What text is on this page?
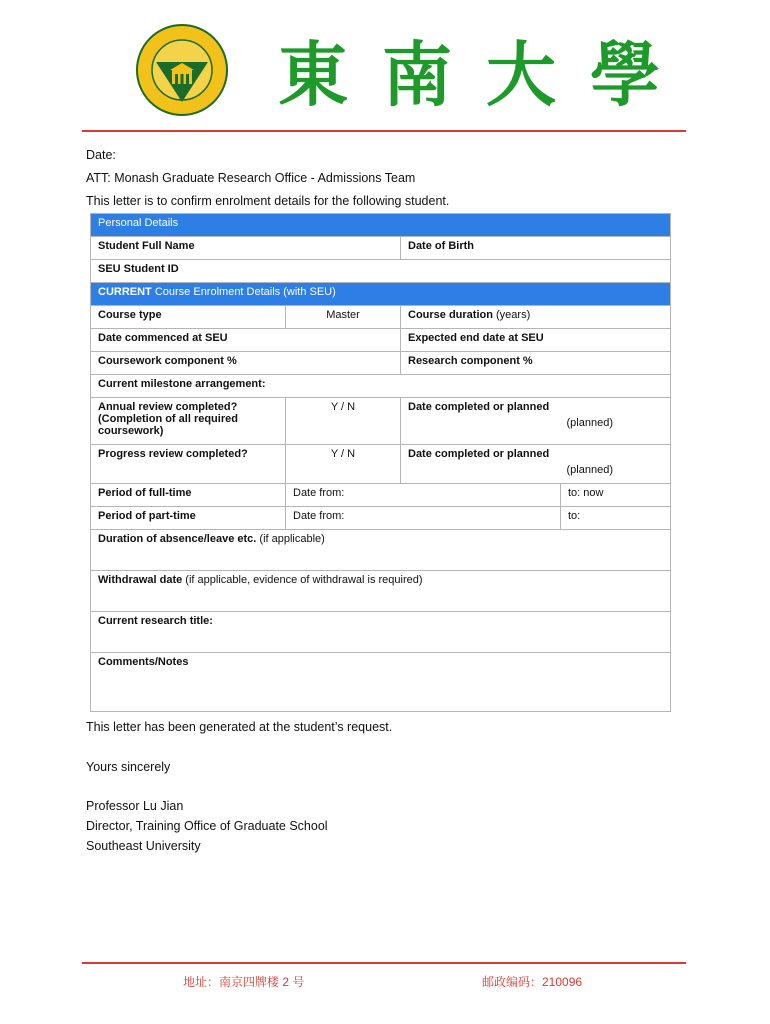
東南大學
Date:
ATT: Monash Graduate Research Office - Admissions Team
This letter is to confirm enrolment details for the following student.
Personal Details			
Student Full Name		Date of Birth	
SEU Student ID			
CURRENT Course Enrolment Details (with SEU)			
Course type	Master	Course duration (years)	
Date commenced at SEU		Expected end date at SEU	
Coursework component %		Research component %	
Current milestone arrangement:			
Annual review completed? (Completion of all required coursework)	Y / N	Date completed or planned
(planned)	

Progress review completed?	Y / N	Date completed or planned
(planned)	

Period of full-time	Date from:		to: now
Period of part-time	Date from:		to:
Duration of absence/leave etc. (if applicable)			
Withdrawal date (if applicable, evidence of withdrawal is required)			
Current research title:			
Comments/Notes			
This letter has been generated at the student’s request.
Yours sincerely
Professor Lu Jian
Director, Training Office of Graduate School
Southeast University
地址：南京四牌楼 2 号	邮政编码：210096
